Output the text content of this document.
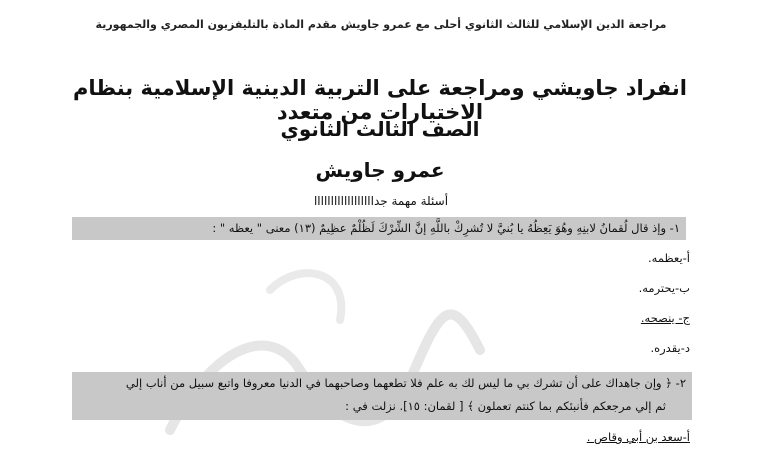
مراجعة الدين الإسلامي للثالث الثانوي أحلى مع عمرو جاويش مقدم المادة بالتليفزيون المصري والجمهورية
انفراد جاويشي ومراجعة على التربية الدينية الإسلامية بنظام الاختيارات من متعدد
الصف الثالث الثانوي
عمرو جاويش
أسئلة مهمة جداااااااااااااااااا
١- وإذ قال لُقمانُ لابنِهِ وهُوَ يَعِظُهُ يا بُنيَّ لا تُشرِكْ باللَّهِ إنَّ الشِّرْكَ لَظُلْمٌ عظِيمٌ (١٣) معنى " يعظه " :
أ-يعظمه.
ب-يحترمه.
ج- ينصحه.
د-يقدره.
٢- ﴿ وإن جاهداك على أن تشرك بي ما ليس لك به علم فلا تطعهما وصاحبهما في الدنيا معروفا واتبع سبيل من أناب إلي
ثم إلي مرجعكم فأنبئكم بما كنتم تعملون ﴾ [ لقمان: ١٥]. نزلت في :
أ-سعد بن أبي وقاص .
